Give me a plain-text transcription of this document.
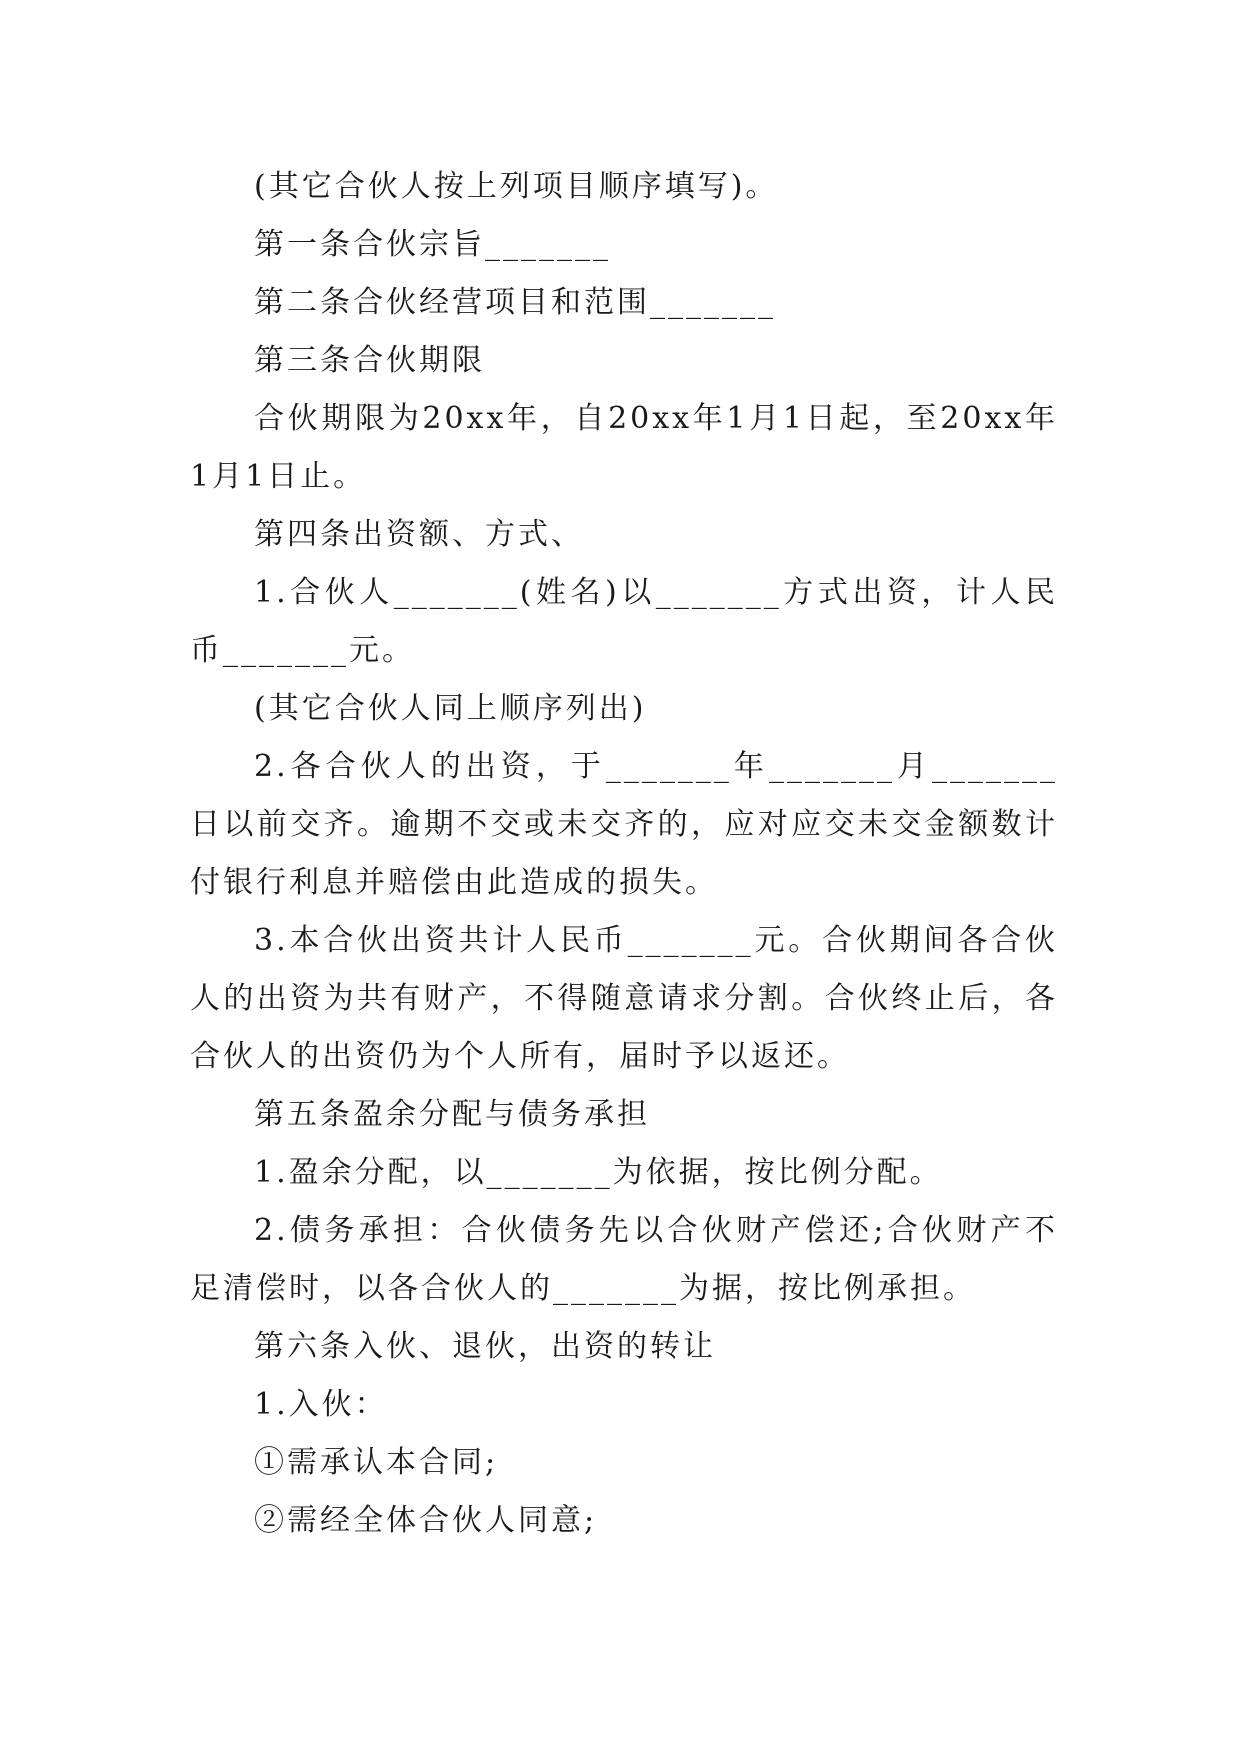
(其它合伙人按上列项目顺序填写)。

第一条合伙宗旨_______

第二条合伙经营项目和范围_______

第三条合伙期限

合伙期限为20xx年，自20xx年1月1日起，至20xx年1月1日止。

第四条出资额、方式、

1.合伙人_______(姓名)以_______方式出资，计人民币_______元。

(其它合伙人同上顺序列出)

2.各合伙人的出资，于_______年_______月_______日以前交齐。逾期不交或未交齐的，应对应交未交金额数计付银行利息并赔偿由此造成的损失。

3.本合伙出资共计人民币_______元。合伙期间各合伙人的出资为共有财产，不得随意请求分割。合伙终止后，各合伙人的出资仍为个人所有，届时予以返还。

第五条盈余分配与债务承担

1.盈余分配，以_______为依据，按比例分配。

2.债务承担：合伙债务先以合伙财产偿还;合伙财产不足清偿时，以各合伙人的_______为据，按比例承担。

第六条入伙、退伙，出资的转让

1.入伙：

①需承认本合同;

②需经全体合伙人同意;
